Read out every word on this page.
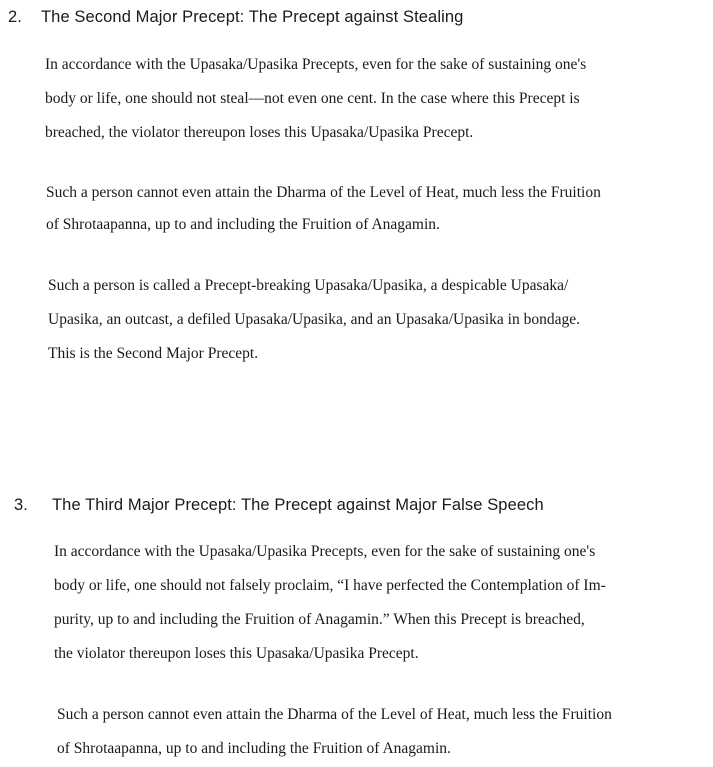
2. The Second Major Precept: The Precept against Stealing
In accordance with the Upasaka/Upasika Precepts, even for the sake of sustaining one's
body or life, one should not steal—not even one cent. In the case where this Precept is
breached, the violator thereupon loses this Upasaka/Upasika Precept.
Such a person cannot even attain the Dharma of the Level of Heat, much less the Fruition
of Shrotaapanna, up to and including the Fruition of Anagamin.
Such a person is called a Precept-breaking Upasaka/Upasika, a despicable Upasaka/
Upasika, an outcast, a defiled Upasaka/Upasika, and an Upasaka/Upasika in bondage.
This is the Second Major Precept.
3. The Third Major Precept: The Precept against Major False Speech
In accordance with the Upasaka/Upasika Precepts, even for the sake of sustaining one's
body or life, one should not falsely proclaim, “I have perfected the Contemplation of Im-
purity, up to and including the Fruition of Anagamin.” When this Precept is breached,
the violator thereupon loses this Upasaka/Upasika Precept.
Such a person cannot even attain the Dharma of the Level of Heat, much less the Fruition
of Shrotaapanna, up to and including the Fruition of Anagamin.
